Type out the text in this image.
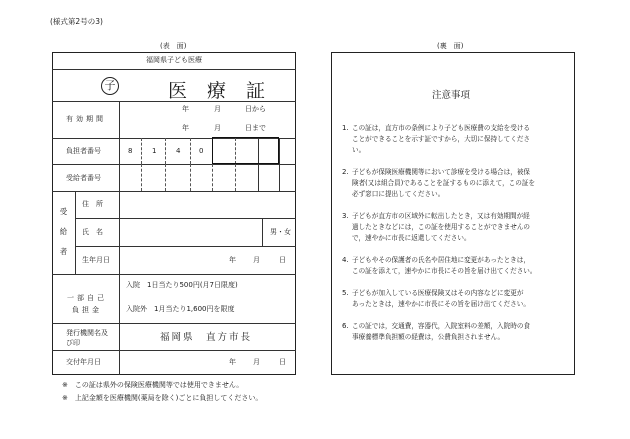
(様式第2号の3)
(表　面)	(裏　面)
福岡県子ども医療
子	医療証
有効期間
年	月	日から
年	月	日まで
負担者番号	8	1	4	0
受給者番号
受給者
住　所
氏　名	男・女
生年月日	年 月	日
一部自己負担金
入院　1日当たり500円(月7日限度)
入院外　1月当たり1,600円を限度
発行機関名及び印	福岡県　直方市長
交付年月日	年 月	日
※　この証は県外の保険医療機関等では使用できません。
※　上記金額を医療機関(薬局を除く)ごとに負担してください。
注意事項
1. この証は，直方市の条例により子ども医療費の支給を受ける
ことができることを示す証ですから，大切に保持してくださ
い。
2. 子どもが保険医療機関等において診療を受ける場合は，被保
険者(又は組合員)であることを証するものに添えて，この証を
必ず窓口に提出してください。
3. 子どもが直方市の区域外に転出したとき，又は有効期間が経
過したときなどには，この証を使用することができませんの
で，速やかに市長に返還してください。
4. 子どもやその保護者の氏名や居住地に変更があったときは，
この証を添えて，速やかに市長にその旨を届け出てください。
5. 子どもが加入している医療保険又はその内容などに変更が
あったときは，速やかに市長にその旨を届け出てください。
6. この証では，交通費，容器代，入院室料の差額，入院時の食
事療養標準負担額の経費は，公費負担されません。
